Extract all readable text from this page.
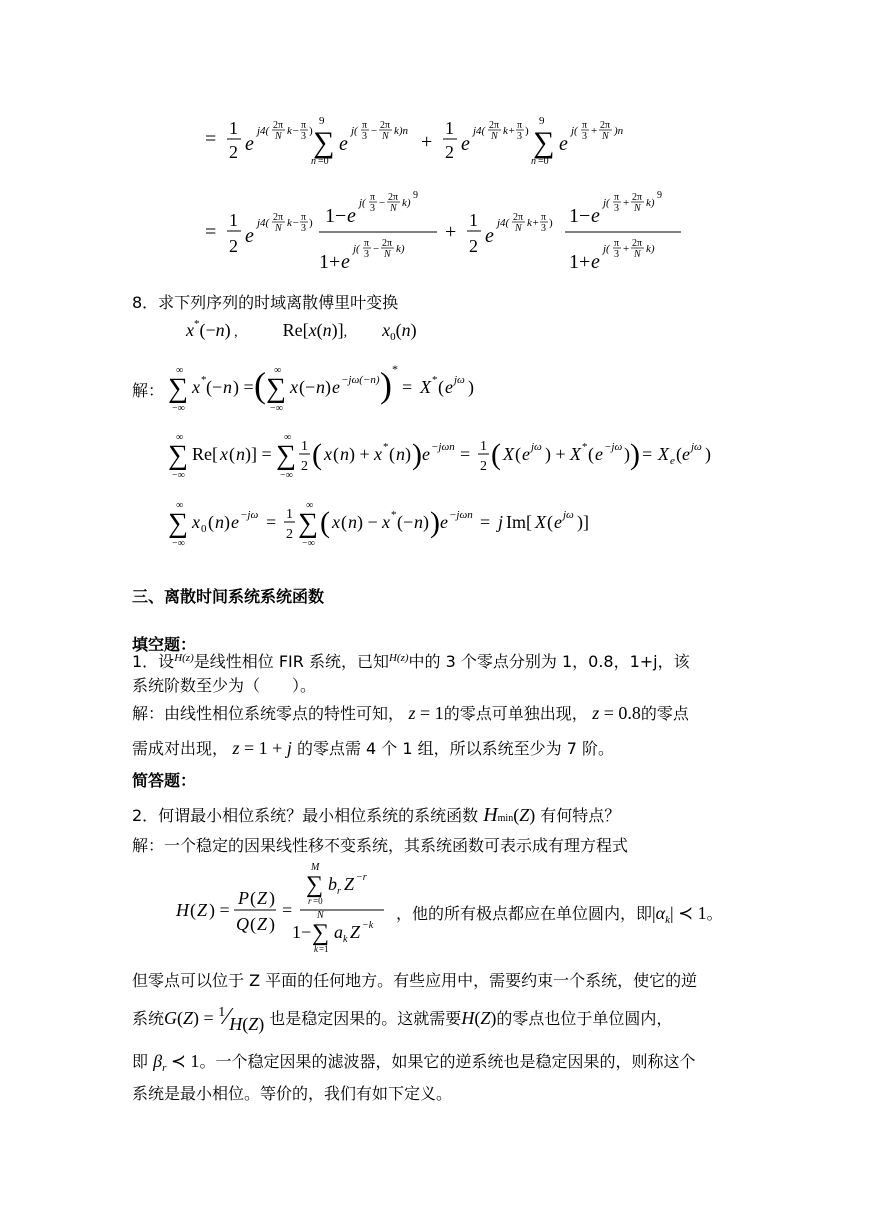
= 1
2 e
j4( 2π
N k− π
3 )
9
∑
n =0
e
j( π
3 − 2π
N k)n +
1
2 e
j4( 2π
N k+ π
3 )
9
∑
n =0
e
j( π
3 + 2π
N )n
=
1
2 e
j4( 2π
N k− π
3 ) 1− e
j( π
3 − 2π
N k)
9
1+ e
j( π
3 − 2π
N k)
+
1
2 e
j4( 2π
N k+ π
3 ) 1− e
j( π
3 + 2π
N k)
9
1+ e
j( π
3 + 2π
N k)
8．求下列序列的时域离散傅里叶变换
x*(−n) ,  Re[x(n)], $x_0(n)$
解：
∞
∑
−∞
x * (− n ) = ( ∞
∑
−∞
x (− n ) e −jω(−n) ) *
= X * ( e jω )
∞
∑
−∞
Re[ x ( n )] =
∞
∑
−∞
1
2 ( x ( n ) + x * ( n ) ) e −jωn = 1
2 ( X ( e jω ) + X * ( e −jω ) ) = X e ( e jω )
∞
∑
−∞
x 0 ( n ) e −jω = 1
2
∞
∑
−∞
( x ( n ) − x * (− n ) ) e −jωn = j Im[ X ( e jω )]
三、离散时间系统系统函数
填空题：
1．设$^{H(z)}$是线性相位 FIR 系统，已知$^{H(z)}$中的 3 个零点分别为 1，0.8，1+j，该
系统阶数至少为（　　）。
解：由线性相位系统零点的特性可知， z = 1的零点可单独出现， z = 0.8的零点
需成对出现， z = 1 + j 的零点需 4 个 1 组，所以系统至少为 7 阶。
简答题：
2．何谓最小相位系统？最小相位系统的系统函数 Hmin(Z) 有何特点？
解：一个稳定的因果线性移不变系统，其系统函数可表示成有理方程式
H ( Z ) =
P ( Z )
Q ( Z )
=
M
∑
r =0
b r Z −r
1−
N
∑
k =1
a k Z −k
，他的所有极点都应在单位圆内，即$|\alpha_k|$ ≺ 1。
但零点可以位于 Z 平面的任何地方。有些应用中，需要约束一个系统，使它的逆
系统G(Z) = 1⁄H(Z) 也是稳定因果的。这就需要H(Z)的零点也位于单位圆内，
即 $\beta_r$ ≺ 1。一个稳定因果的滤波器，如果它的逆系统也是稳定因果的，则称这个
系统是最小相位。等价的，我们有如下定义。
